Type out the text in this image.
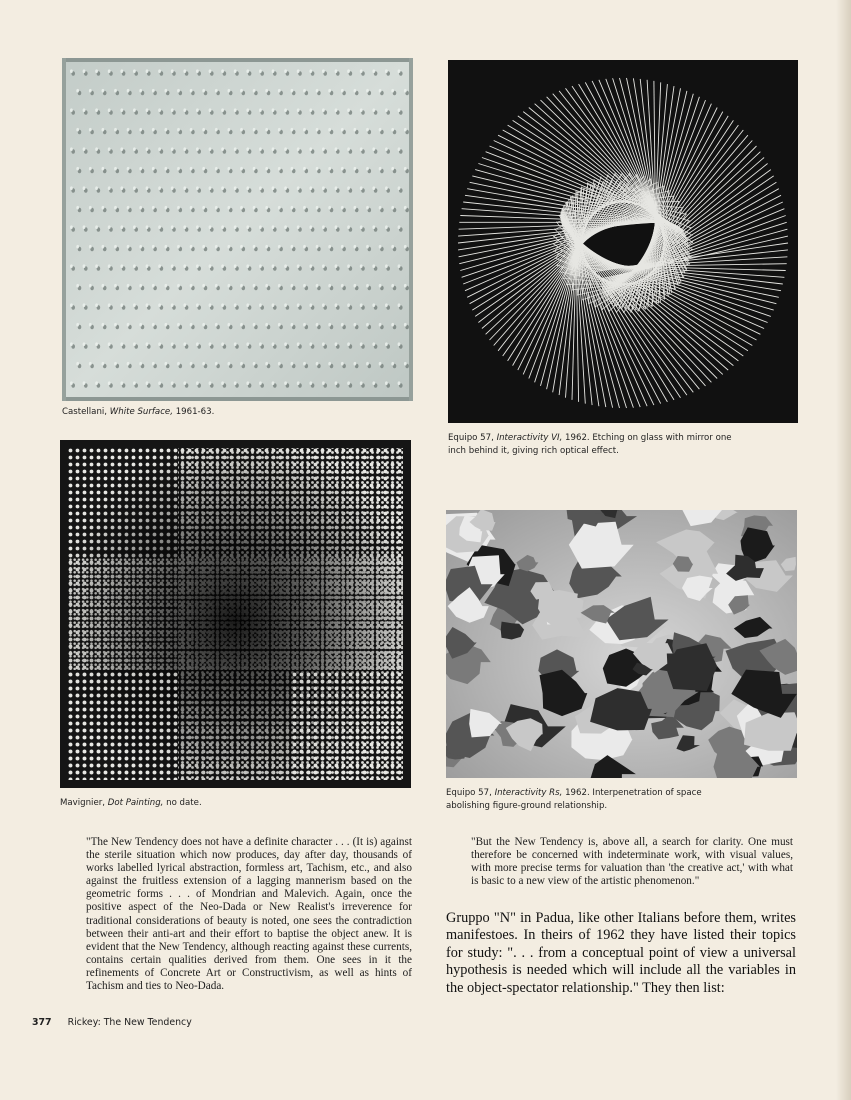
Castellani, White Surface, 1961-63.
Equipo 57, Interactivity VI, 1962. Etching on glass with mirror one inch behind it, giving rich optical effect.
Mavignier, Dot Painting, no date.
Equipo 57, Interactivity Rs, 1962. Interpenetration of space abolishing figure-ground relationship.

"The New Tendency does not have a definite character . . . (It is) against the sterile situation which now produces, day after day, thousands of works labelled lyrical abstraction, formless art, Tachism, etc., and also against the fruitless extension of a lagging mannerism based on the geometric forms . . . of Mondrian and Malevich. Again, once the positive aspect of the Neo-Dada or New Realist's irreverence for traditional considerations of beauty is noted, one sees the contradiction between their anti-art and their effort to baptise the object anew. It is evident that the New Tendency, although reacting against these currents, contains certain qualities derived from them. One sees in it the refinements of Concrete Art or Constructivism, as well as hints of Tachism and ties to Neo-Dada.

"But the New Tendency is, above all, a search for clarity. One must therefore be concerned with indeterminate work, with visual values, with more precise terms for valuation than 'the creative act,' with what is basic to a new view of the artistic phenomenon."

Gruppo "N" in Padua, like other Italians before them, writes manifestoes. In theirs of 1962 they have listed their topics for study: ". . . from a conceptual point of view a universal hypothesis is needed which will include all the variables in the object-spectator relationship." They then list:

377 Rickey: The New Tendency
